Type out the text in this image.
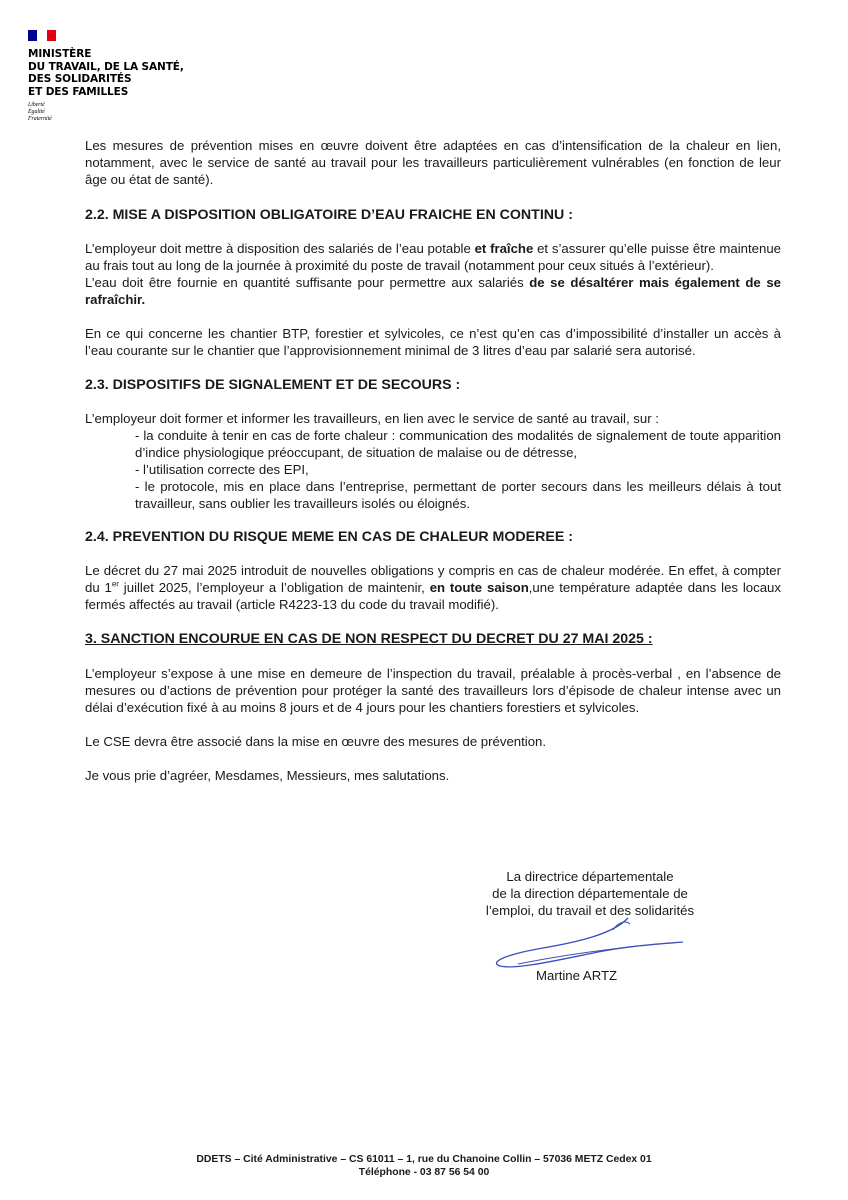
MINISTÈRE
DU TRAVAIL, DE LA SANTÉ,
DES SOLIDARITÉS
ET DES FAMILLES
Liberté
Égalité
Fraternité

Les mesures de prévention mises en œuvre doivent être adaptées en cas d’intensification de la chaleur en lien, notamment, avec le service de santé au travail pour les travailleurs particulièrement vulnérables (en fonction de leur âge ou état de santé).

2.2. MISE A DISPOSITION OBLIGATOIRE D’EAU FRAICHE EN CONTINU :

L’employeur doit mettre à disposition des salariés de l’eau potable et fraîche et s’assurer qu’elle puisse être maintenue au frais tout au long de la journée à proximité du poste de travail (notamment pour ceux situés à l’extérieur).

L’eau doit être fournie en quantité suffisante pour permettre aux salariés de se désaltérer mais également de se rafraîchir.

En ce qui concerne les chantier BTP, forestier et sylvicoles, ce n’est qu’en cas d’impossibilité d’installer un accès à l’eau courante sur le chantier que l’approvisionnement minimal de 3 litres d’eau par salarié sera autorisé.

2.3. DISPOSITIFS DE SIGNALEMENT ET DE SECOURS :

L’employeur doit former et informer les travailleurs, en lien avec le service de santé au travail, sur :

- la conduite à tenir en cas de forte chaleur : communication des modalités de signalement de toute apparition d’indice physiologique préoccupant, de situation de malaise ou de détresse,

- l’utilisation correcte des EPI,

- le protocole, mis en place dans l’entreprise, permettant de porter secours dans les meilleurs délais à tout travailleur, sans oublier les travailleurs isolés ou éloignés.

2.4. PREVENTION DU RISQUE MEME EN CAS DE CHALEUR MODEREE :

Le décret du 27 mai 2025 introduit de nouvelles obligations y compris en cas de chaleur modérée. En effet, à compter du 1er juillet 2025, l’employeur a l’obligation de maintenir, en toute saison,une température adaptée dans les locaux fermés affectés au travail (article R4223-13 du code du travail modifié).

3. SANCTION ENCOURUE EN CAS DE NON RESPECT DU DECRET DU 27 MAI 2025 :

L’employeur s’expose à une mise en demeure de l’inspection du travail, préalable à procès-verbal , en l’absence de mesures ou d’actions de prévention pour protéger la santé des travailleurs lors d’épisode de chaleur intense avec un délai d’exécution fixé à au moins 8 jours et de 4 jours pour les chantiers forestiers et sylvicoles.

Le CSE devra être associé dans la mise en œuvre des mesures de prévention.

Je vous prie d’agréer, Mesdames, Messieurs, mes salutations.

La directrice départementale
de la direction départementale de
l’emploi, du travail et des solidarités
Martine ARTZ
DDETS – Cité Administrative – CS 61011 – 1, rue du Chanoine Collin – 57036 METZ Cedex 01
Téléphone - 03 87 56 54 00
